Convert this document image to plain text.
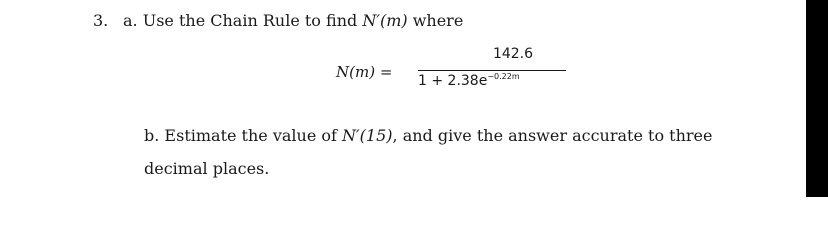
3. a. Use the Chain Rule to find N′(m) where
N(m) =
142.6
$1 + 2.38e^{-0.22m}$
b. Estimate the value of N′(15), and give the answer accurate to three
decimal places.
